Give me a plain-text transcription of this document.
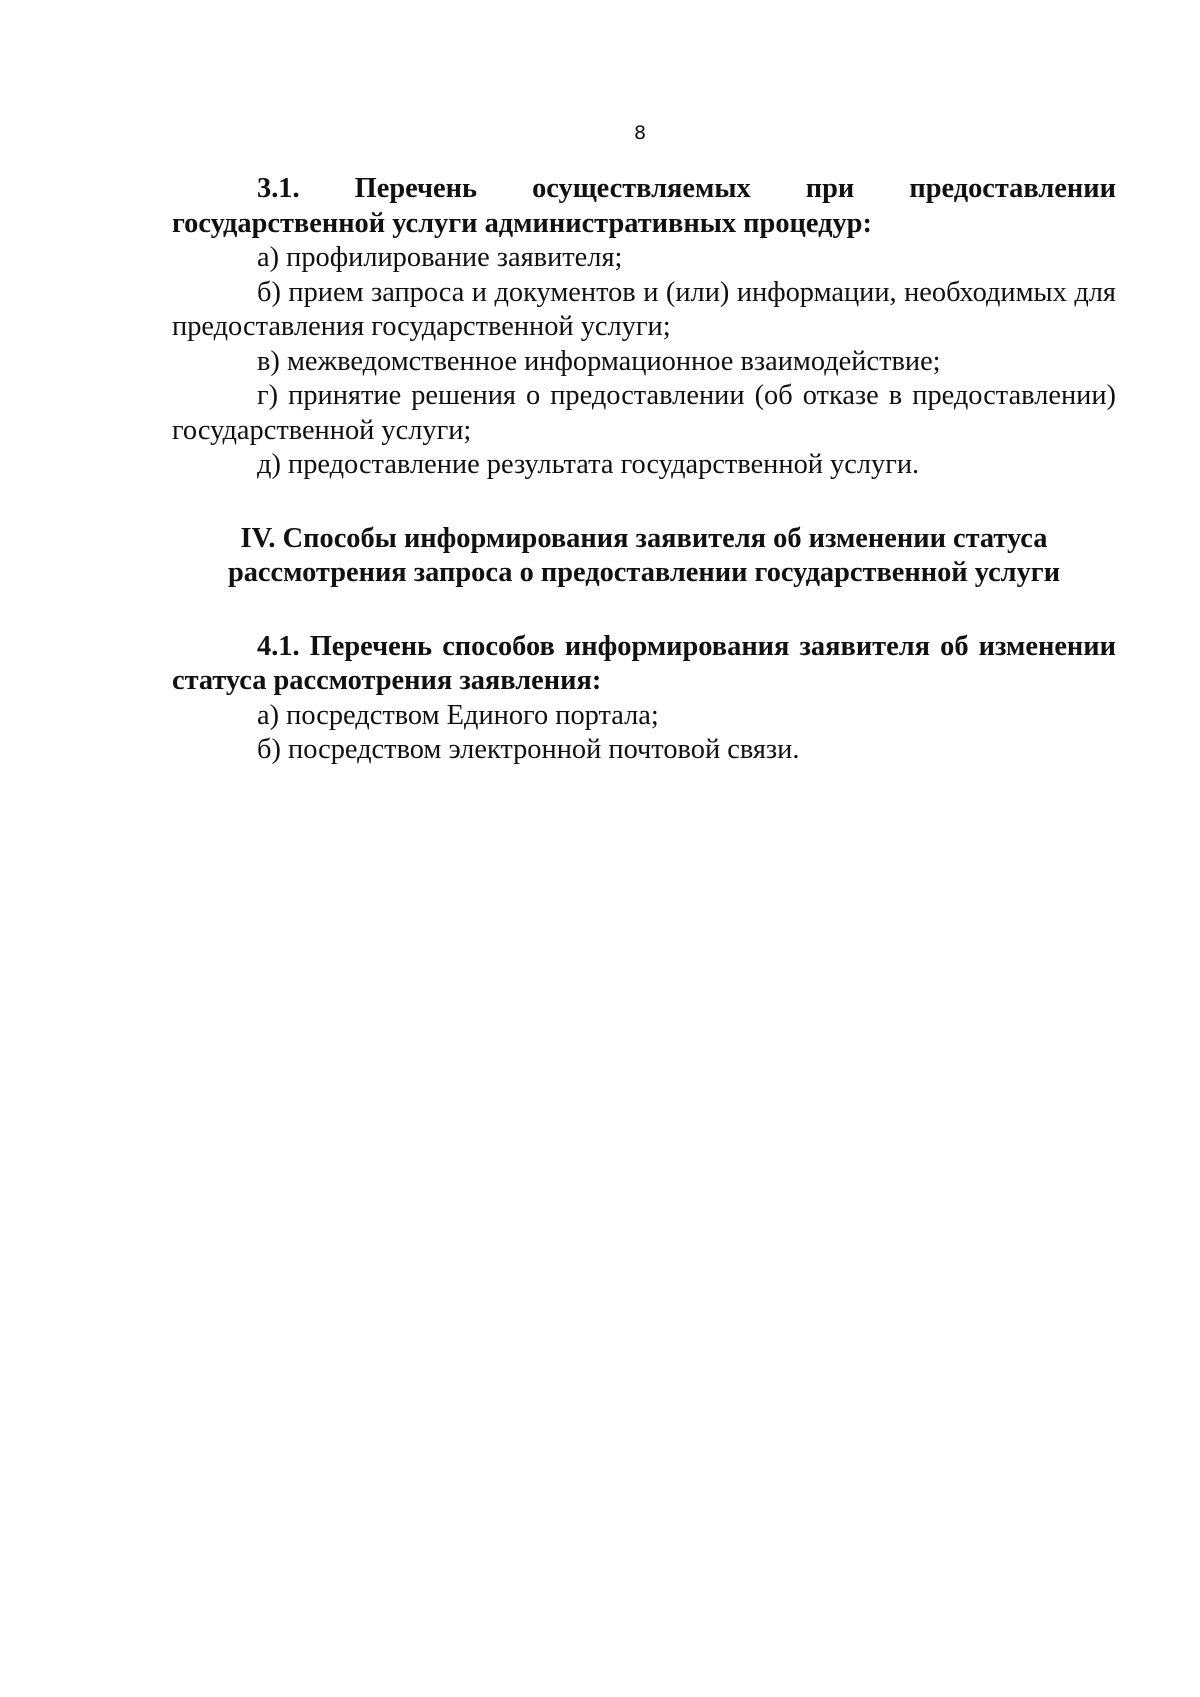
8
3.1. Перечень осуществляемых при предоставлении

государственной услуги административных процедур:

а) профилирование заявителя;

б) прием запроса и документов и (или) информации, необходимых для

предоставления государственной услуги;

в) межведомственное информационное взаимодействие;

г) принятие решения о предоставлении (об отказе в предоставлении)

государственной услуги;

д) предоставление результата государственной услуги.

IV. Способы информирования заявителя об изменении статуса
рассмотрения запроса о предоставлении государственной услуги

4.1. Перечень способов информирования заявителя об изменении

статуса рассмотрения заявления:

а) посредством Единого портала;

б) посредством электронной почтовой связи.
